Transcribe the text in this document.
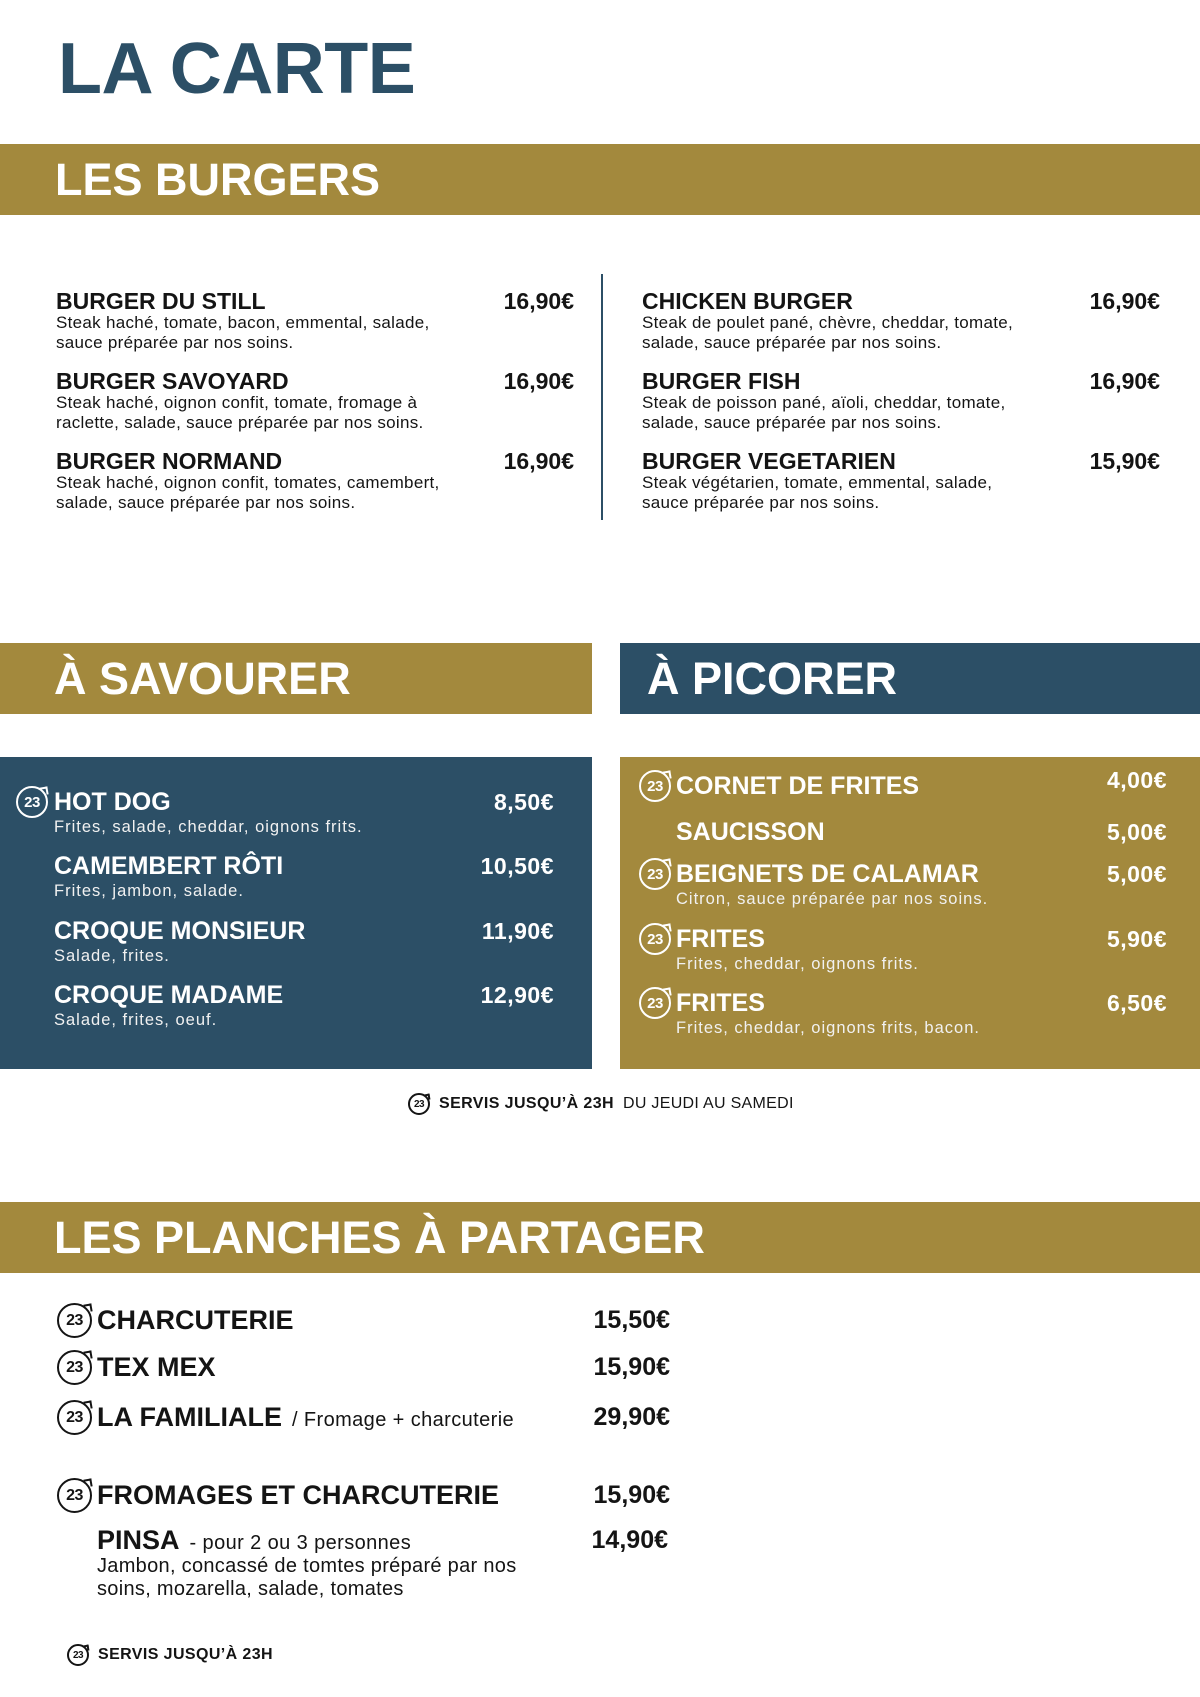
LA CARTE
LES BURGERS
BURGER DU STILL	16,90€
Steak haché, tomate, bacon, emmental, salade,
sauce préparée par nos soins.
BURGER SAVOYARD	16,90€
Steak haché, oignon confit, tomate, fromage à
raclette, salade, sauce préparée par nos soins.
BURGER NORMAND	16,90€
Steak haché, oignon confit, tomates, camembert,
salade, sauce préparée par nos soins.
CHICKEN BURGER	16,90€
Steak de poulet pané, chèvre, cheddar, tomate,
salade, sauce préparée par nos soins.
BURGER FISH	16,90€
Steak de poisson pané, aïoli, cheddar, tomate,
salade, sauce préparée par nos soins.
BURGER VEGETARIEN	15,90€
Steak végétarien, tomate, emmental, salade,
sauce préparée par nos soins.
À SAVOURER	À PICORER
23 HOT DOG	8,50€
Frites, salade, cheddar, oignons frits.
CAMEMBERT RÔTI	10,50€
Frites, jambon, salade.
CROQUE MONSIEUR	11,90€
Salade, frites.
CROQUE MADAME	12,90€
Salade, frites, oeuf.
23 CORNET DE FRITES	4,00€
SAUCISSON	5,00€
23 BEIGNETS DE CALAMAR	5,00€
Citron, sauce préparée par nos soins.
23 FRITES	5,90€
Frites, cheddar, oignons frits.
23 FRITES	6,50€
Frites, cheddar, oignons frits, bacon.
23 SERVIS JUSQU’À 23H DU JEUDI AU SAMEDI
LES PLANCHES À PARTAGER
23 CHARCUTERIE	15,50€
23 TEX MEX	15,90€
23 LA FAMILIALE / Fromage + charcuterie	29,90€
23 FROMAGES ET CHARCUTERIE	15,90€
PINSA - pour 2 ou 3 personnes	14,90€
Jambon, concassé de tomtes préparé par nos
soins, mozarella, salade, tomates
23 SERVIS JUSQU’À 23H
